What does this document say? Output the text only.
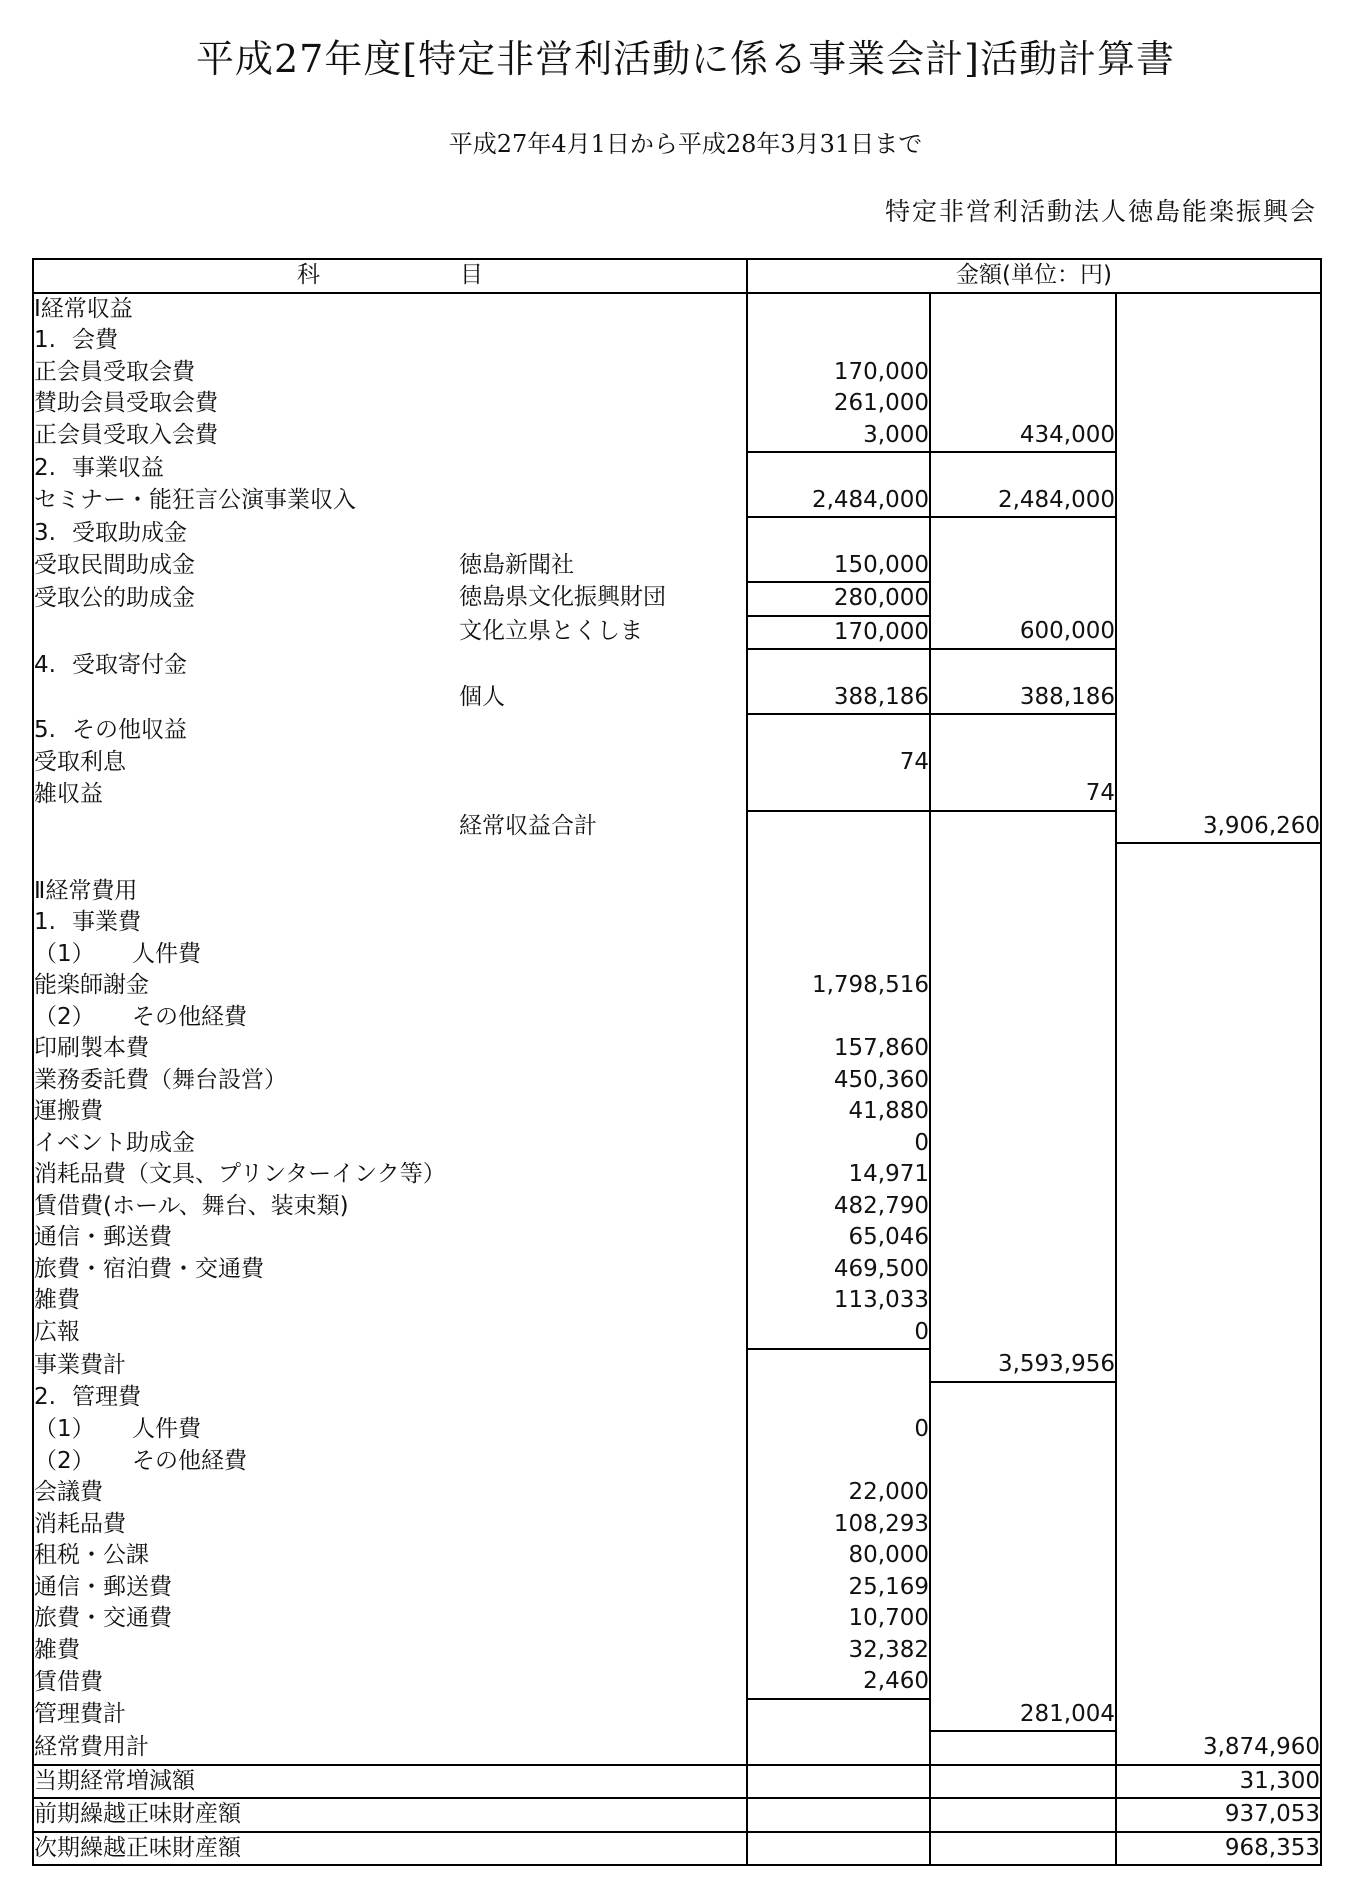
平成27年度[特定非営利活動に係る事業会計]活動計算書
平成27年4月1日から平成28年3月31日まで
特定非営利活動法人徳島能楽振興会
科 目	金額(単位：円)		
Ⅰ経常収益			
1. 会費			
正会員受取会費	170,000		
賛助会員受取会費	261,000		
正会員受取入会費	3,000	434,000	
2. 事業収益			
セミナー・能狂言公演事業収入	2,484,000	2,484,000	
3. 受取助成金			
受取民間助成金 徳島新聞社	150,000		
受取公的助成金 徳島県文化振興財団	280,000		

文化立県とくしま	170,000	600,000	
4. 受取寄付金			

個人	388,186	388,186	
5. その他収益			
受取利息	74		
雑収益		74	

経常収益合計			3,906,260

Ⅱ経常費用			
1. 事業費			
（1） 人件費			
能楽師謝金	1,798,516		
（2） その他経費			
印刷製本費	157,860		
業務委託費（舞台設営）	450,360		
運搬費	41,880		
イベント助成金	0		
消耗品費（文具、プリンターインク等）	14,971		
賃借費(ホール、舞台、装束類)	482,790		
通信・郵送費	65,046		
旅費・宿泊費・交通費	469,500		
雑費	113,033		
広報	0		
事業費計		3,593,956	
2. 管理費			
（1） 人件費	0		
（2） その他経費			
会議費	22,000		
消耗品費	108,293		
租税・公課	80,000		
通信・郵送費	25,169		
旅費・交通費	10,700		
雑費	32,382		
賃借費	2,460		
管理費計		281,004	
経常費用計			3,874,960
当期経常増減額			31,300
前期繰越正味財産額			937,053
次期繰越正味財産額			968,353
